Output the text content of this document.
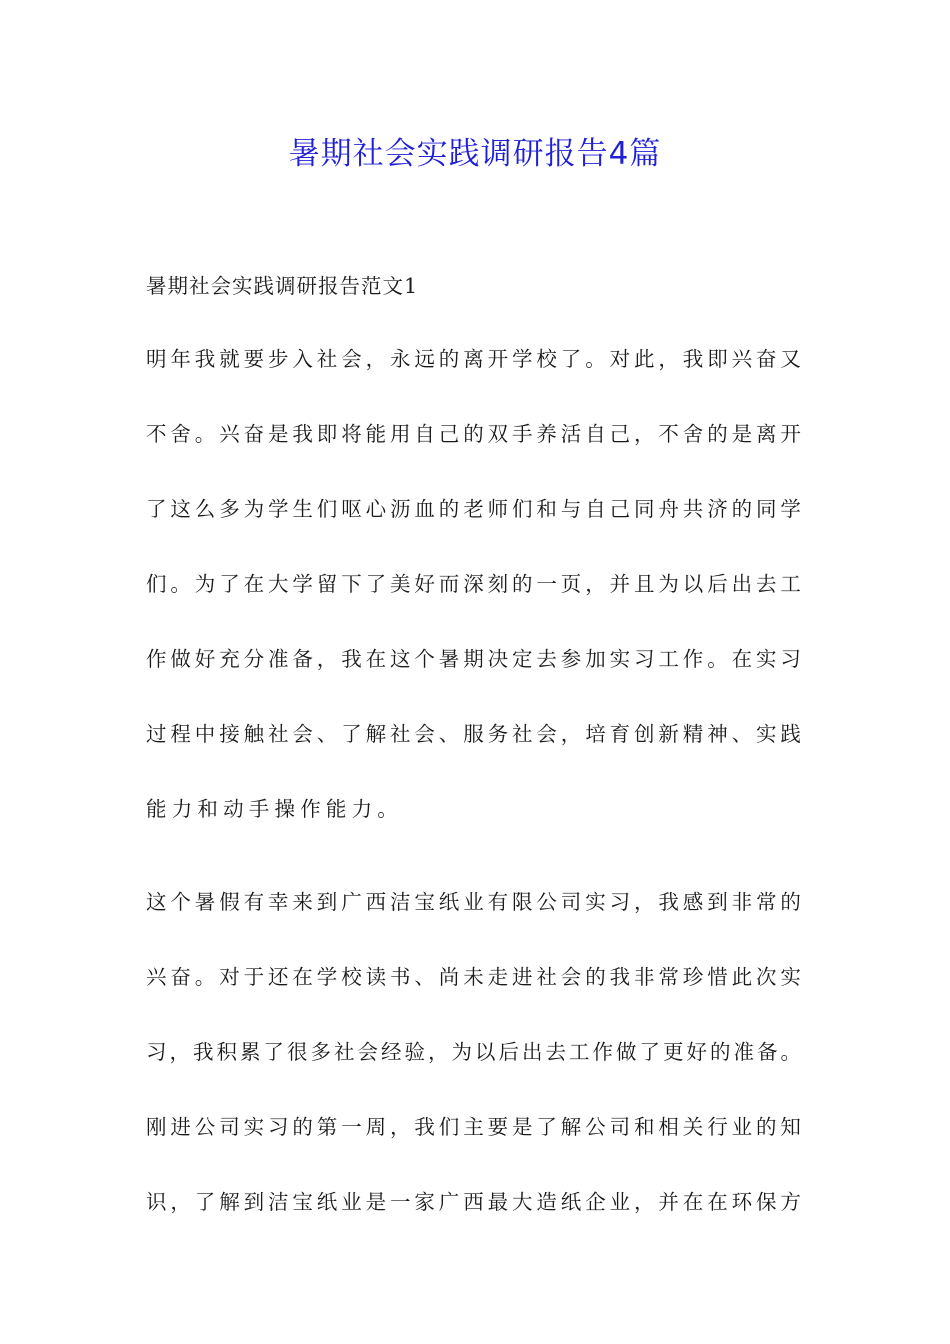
暑期社会实践调研报告4篇

暑期社会实践调研报告范文1

明年我就要步入社会，永远的离开学校了。对此，我即兴奋又
不舍。兴奋是我即将能用自己的双手养活自己，不舍的是离开
了这么多为学生们呕心沥血的老师们和与自己同舟共济的同学
们。为了在大学留下了美好而深刻的一页，并且为以后出去工
作做好充分准备，我在这个暑期决定去参加实习工作。在实习
过程中接触社会、了解社会、服务社会，培育创新精神、实践
能力和动手操作能力。

这个暑假有幸来到广西洁宝纸业有限公司实习，我感到非常的
兴奋。对于还在学校读书、尚未走进社会的我非常珍惜此次实
习，我积累了很多社会经验，为以后出去工作做了更好的准备。
刚进公司实习的第一周，我们主要是了解公司和相关行业的知
识，了解到洁宝纸业是一家广西最大造纸企业，并在在环保方
